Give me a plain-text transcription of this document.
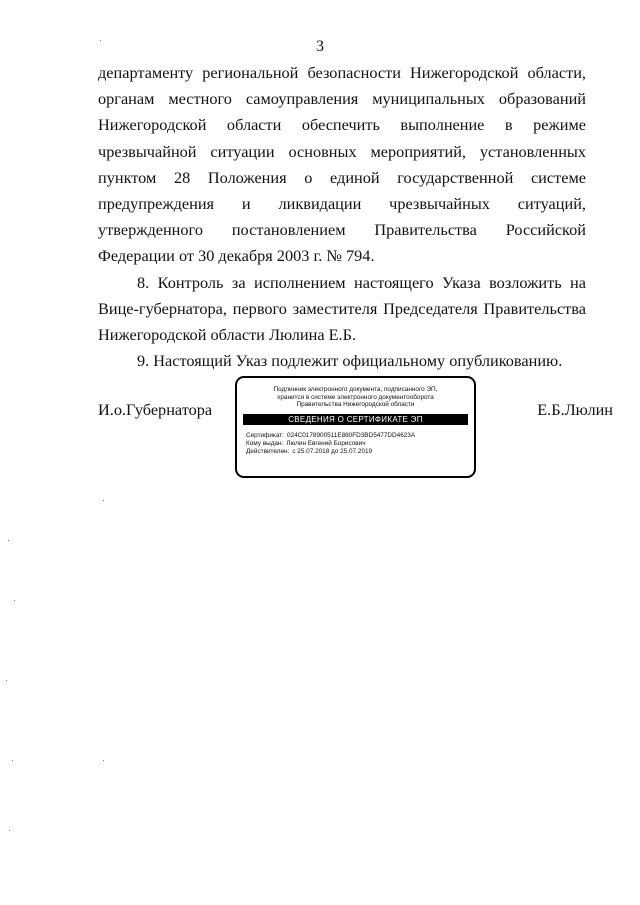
3

департаменту региональной безопасности Нижегородской области, органам местного самоуправления муниципальных образований Нижегородской области обеспечить выполнение в режиме чрезвычайной ситуации основных мероприятий, установленных пунктом 28 Положения о единой государственной системе предупреждения и ликвидации чрезвычайных ситуаций, утвержденного постановлением Правительства Российской Федерации от 30 декабря 2003 г. № 794.

8. Контроль за исполнением настоящего Указа возложить на Вице-губернатора, первого заместителя Председателя Правительства Нижегородской области Люлина Е.Б.

9. Настоящий Указ подлежит официальному опубликованию.

И.о.Губернатора
Подлинник электронного документа, подписанного ЭП,
хранится в системе электронного документооборота
Правительства Нижегородской области
СВЕДЕНИЯ О СЕРТИФИКАТЕ ЭП
Сертификат: 024C0178900511E880FD3BD5477DD4623A
Кому выдан: Люлин Евгений Борисович
Действителен: с 25.07.2018 до 25.07.2019
Е.Б.Люлин
